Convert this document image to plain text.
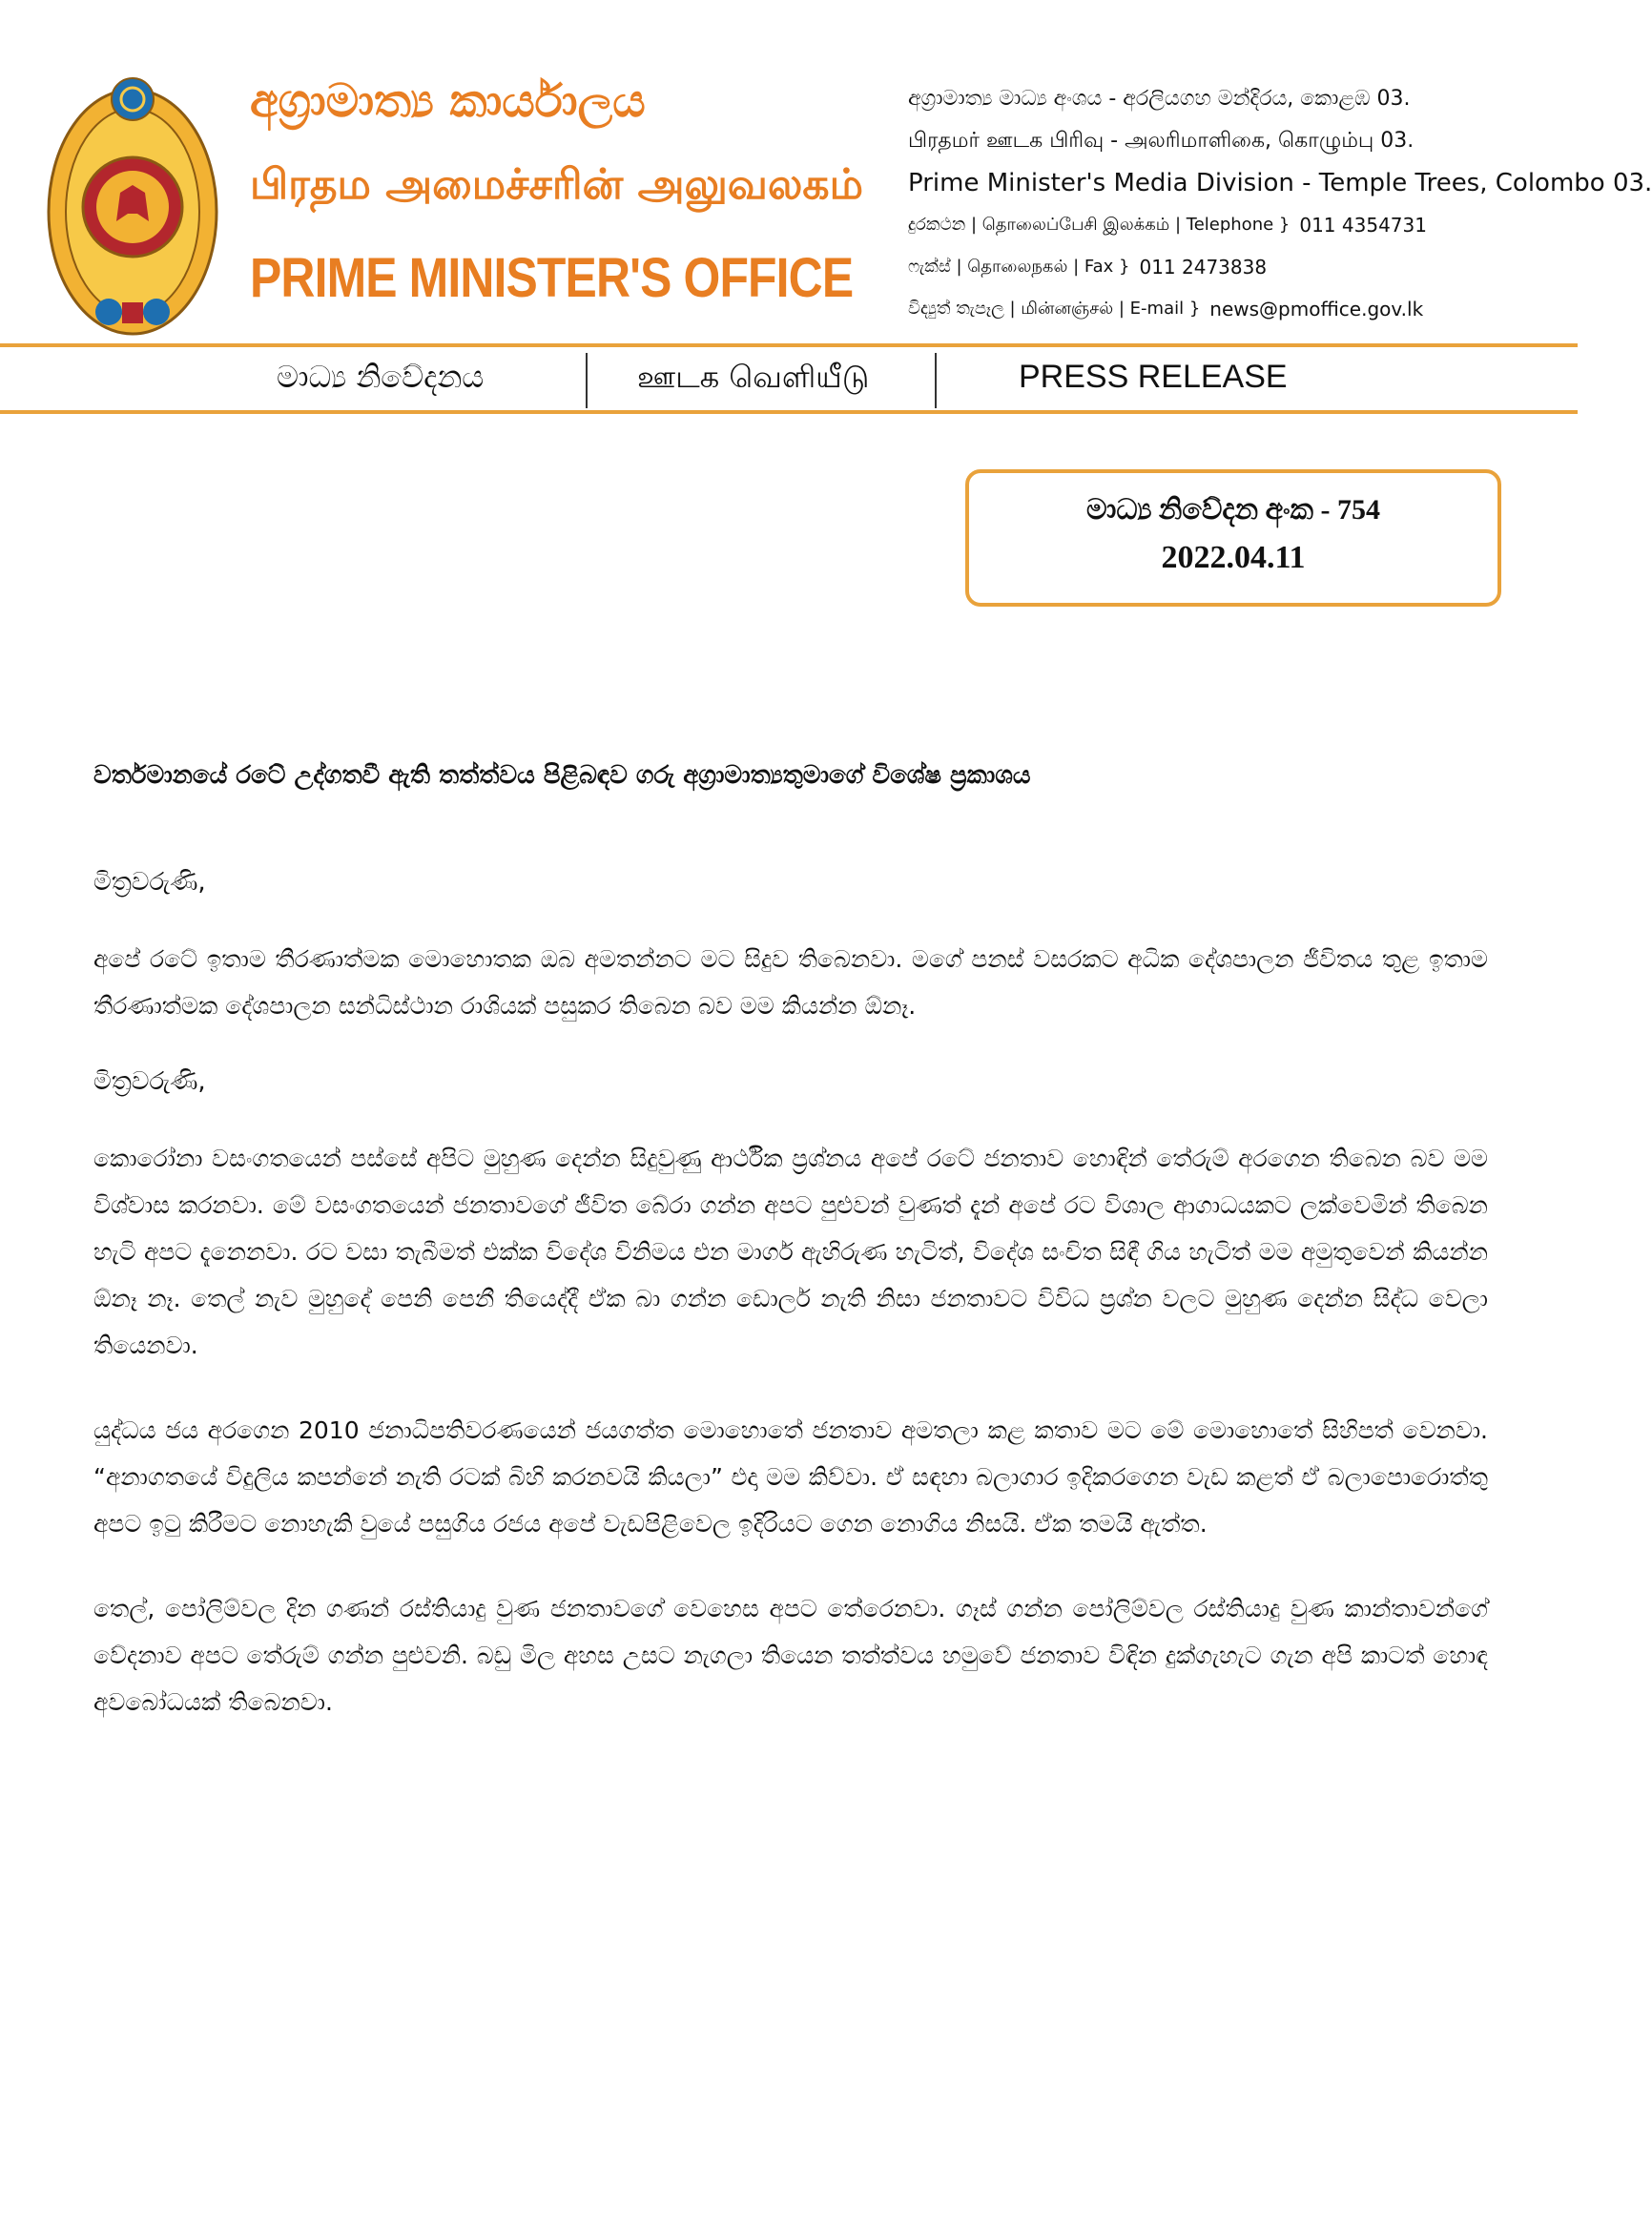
අග්‍රාමාත්‍ය කාර්යාලය
பிரதம அமைச்சரின் அலுவலகம்
PRIME MINISTER'S OFFICE
අග්‍රාමාත්‍ය මාධ්‍ය අංශය - අරලියගහ මන්දිරය, කොළඹ 03.
பிரதமர் ஊடக பிரிவு - அலரிமாளிகை, கொழும்பு 03.
Prime Minister's Media Division - Temple Trees, Colombo 03.
දුරකථන | தொலைப்பேசி இலக்கம் | Telephone } 011 4354731
ෆැක්ස් | தொலைநகல் | Fax } 011 2473838
විද්‍යුත් තැපෑල | மின்னஞ்சல் | E-mail } news@pmoffice.gov.lk
මාධ්‍ය නිවේදනය	ஊடக வெளியீடு	PRESS RELEASE
මාධ්‍ය නිවේදන අංක - 754
2022.04.11
වර්තමානයේ රටේ උද්ගතවී ඇති තත්ත්වය පිළිබඳව ගරු අග්‍රාමාත්‍යතුමාගේ විශේෂ ප්‍රකාශය

මිත්‍රවරුණි,

අපේ රටේ ඉතාම තීරණාත්මක මොහොතක ඔබ අමතන්නට මට සිදුව තිබෙනවා. මගේ පනස් වසරකට අධික දේශපාලන ජීවිතය තුළ ඉතාම තීරණාත්මක දේශපාලන සන්ධිස්ථාන රාශියක් පසුකර තිබෙන බව මම කියන්න ඕනෑ.

මිත්‍රවරුණි,

කොරෝනා වසංගතයෙන් පස්සේ අපිට මුහුණ දෙන්න සිදුවුණු ආර්ථික ප්‍රශ්නය අපේ රටේ ජනතාව හොඳින් තේරුම් අරගෙන තිබෙන බව මම විශ්වාස කරනවා. මේ වසංගතයෙන් ජනතාවගේ ජීවිත බේරා ගන්න අපට පුළුවන් වුණත් දැන් අපේ රට විශාල ආගාධයකට ලක්වෙමින් තිබෙන හැටි අපට දැනෙනවා. රට වසා තැබීමත් එක්ක විදේශ විනිමය එන මාර්ග ඇහිරුණ හැටිත්, විදේශ සංචිත සිඳී ගිය හැටිත් මම අමුතුවෙන් කියන්න ඕනෑ නෑ. තෙල් නැව මුහුදේ පෙනි පෙනී තියෙද්දී ඒක බා ගන්න ඩොලර් නැති නිසා ජනතාවට විවිධ ප්‍රශ්න වලට මුහුණ දෙන්න සිද්ධ වෙලා තියෙනවා.

යුද්ධය ජය අරගෙන 2010 ජනාධිපතිවරණයෙන් ජයගත්ත මොහොතේ ජනතාව අමතලා කළ කතාව මට මේ මොහොතේ සිහිපත් වෙනවා. “අනාගතයේ විදුලිය කපන්නේ නැති රටක් බිහි කරනවයි කියලා” එදා මම කිව්වා. ඒ සඳහා බලාගාර ඉදිකරගෙන වැඩ කළත් ඒ බලාපොරොත්තු අපට ඉටු කිරීමට නොහැකි වුයේ පසුගිය රජය අපේ වැඩපිළිවෙල ඉදිරියට ගෙන නොගිය නිසයි. ඒක තමයි ඇත්ත.

තෙල්, පෝලිම්වල දින ගණන් රස්තියාදු වුණ ජනතාවගේ වෙහෙස අපට තේරෙනවා. ගෑස් ගන්න පෝලිම්වල රස්තියාදු වුණ කාන්තාවන්ගේ වේදනාව අපට තේරුම් ගන්න පුළුවනි. බඩු මිල අහස උසට නැගලා තියෙන තත්ත්වය හමුවේ ජනතාව විඳින දුක්ගැහැට ගැන අපි කාටත් හොඳ අවබෝධයක් තිබෙනවා.
